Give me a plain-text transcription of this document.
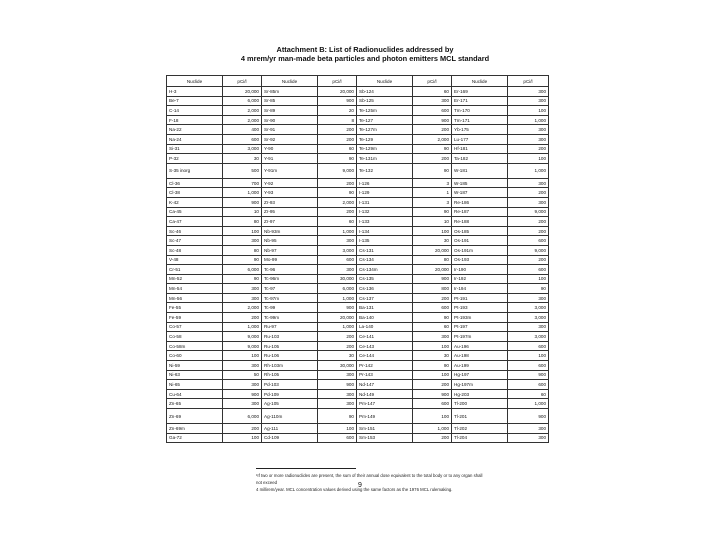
Attachment B: List of Radionuclides addressed by
4 mrem/yr man-made beta particles and photon emitters MCL standard
Nuclide	pCi/l	Nuclide	pCi/l	Nuclide	pCi/l	Nuclide	pCi/l
H-3	20,000	Sr-85m	20,000	Sb-124	60	Er-169	300
Be-7	6,000	Sr-85	900	Sb-125	300	Er-171	300
C-14	2,000	Sr-89	20	Te-125m	600	Tm-170	100
F-18	2,000	Sr-90	8	Te-127	900	Tm-171	1,000
Na-22	400	Sr-91	200	Te-127m	200	Yb-175	300
Na-24	600	Sr-92	200	Te-129	2,000	Lu-177	300
Si-31	3,000	Y-90	60	Te-129m	90	Hf-181	200
P-32	30	Y-91	90	Te-131m	200	Ta-182	100
S-35 inorg	500	Y-91m	9,000	Te-132	90	W-181	1,000
Cl-36	700	Y-92	200	I-126	3	W-185	300
Cl-38	1,000	Y-93	90	I-129	1	W-187	200
K-42	900	Zr-93	2,000	I-131	3	Re-186	300
Ca-45	10	Zr-95	200	I-132	90	Re-187	9,000
Ca-47	80	Zr-97	60	I-133	10	Re-188	200
Sc-46	100	Nb-93m	1,000	I-134	100	Os-185	200
Sc-47	300	Nb-95	300	I-135	30	Os-191	600
Sc-48	80	Nb-97	3,000	Cs-131	20,000	Os-191m	9,000
V-48	90	Mo-99	600	Cs-134	80	Os-193	200
Cr-51	6,000	Tc-96	300	Cs-134m	20,000	Ir-190	600
Mn-52	90	Tc-96m	30,000	Cs-135	900	Ir-192	100
Mn-54	300	Tc-97	6,000	Cs-136	800	Ir-194	90
Mn-56	300	Tc-97m	1,000	Cs-137	200	Pt-191	300
Fe-55	2,000	Tc-99	900	Ba-131	600	Pt-193	3,000
Fe-59	200	Tc-99m	20,000	Ba-140	90	Pt-193m	3,000
Co-57	1,000	Ru-97	1,000	La-140	60	Pt-197	300
Co-58	9,000	Ru-103	200	Ce-141	300	Pt-197m	3,000
Co-58m	9,000	Ru-105	200	Ce-143	100	Au-196	600
Co-60	100	Ru-106	30	Ce-144	30	Au-198	100
Ni-59	300	Rh-103m	30,000	Pr-142	90	Au-199	600
Ni-63	50	Rh-105	300	Pr-143	100	Hg-197	900
Ni-65	300	Pd-103	900	Nd-147	200	Hg-197m	600
Cu-64	900	Pd-109	300	Nd-149	900	Hg-203	60
Zn-65	300	Ag-105	300	Pm-147	600	Tl-200	1,000
Zn-69	6,000	Ag-110m	90	Pm-149	100	Tl-201	900
Zn-69m	200	Ag-111	100	Sm-151	1,000	Tl-202	300
Ga-72	100	Cd-109	600	Sm-153	200	Tl-204	300
¹If two or more radionuclides are present, the sum of their annual dose equivalent to the total body or to any organ shall not exceed
4 millirem/year. MCL concentration values derived using the same factors as the 1976 MCL rulemaking.
9
